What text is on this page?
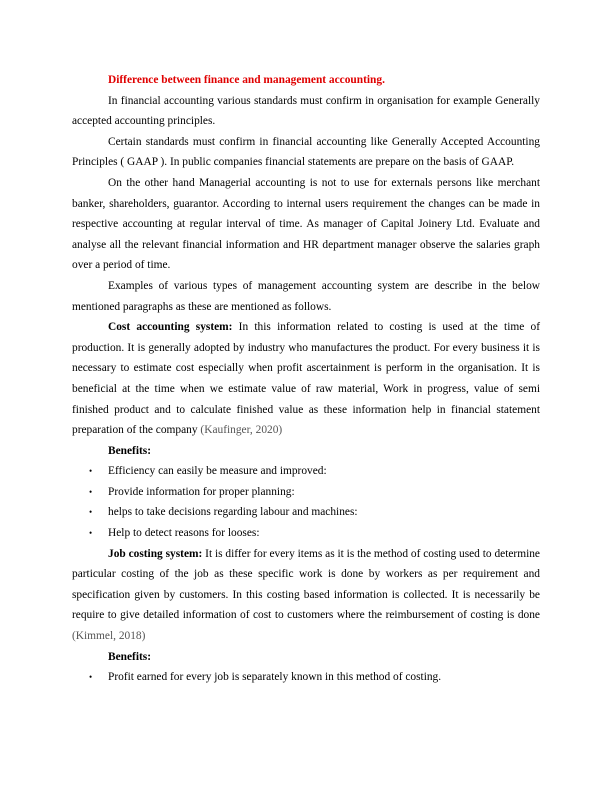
Difference between finance and management accounting.

In financial accounting various standards must confirm in organisation for example Generally accepted accounting principles.

Certain standards must confirm in financial accounting like Generally Accepted Accounting Principles ( GAAP ). In public companies financial statements are prepare on the basis of GAAP.

On the other hand Managerial accounting is not to use for externals persons like merchant banker, shareholders, guarantor. According to internal users requirement the changes can be made in respective accounting at regular interval of time. As manager of Capital Joinery Ltd. Evaluate and analyse all the relevant financial information and HR department manager observe the salaries graph over a period of time.

Examples of various types of management accounting system are describe in the below mentioned paragraphs as these are mentioned as follows.

Cost accounting system: In this information related to costing is used at the time of production. It is generally adopted by industry who manufactures the product. For every business it is necessary to estimate cost especially when profit ascertainment is perform in the organisation. It is beneficial at the time when we estimate value of raw material, Work in progress, value of semi finished product and to calculate finished value as these information help in financial statement preparation of the company (Kaufinger, 2020)

Benefits:
• Efficiency can easily be measure and improved:
• Provide information for proper planning:
• helps to take decisions regarding labour and machines:
• Help to detect reasons for looses:

Job costing system: It is differ for every items as it is the method of costing used to determine particular costing of the job as these specific work is done by workers as per requirement and specification given by customers. In this costing based information is collected. It is necessarily be require to give detailed information of cost to customers where the reimbursement of costing is done (Kimmel, 2018)

Benefits:
• Profit earned for every job is separately known in this method of costing.
